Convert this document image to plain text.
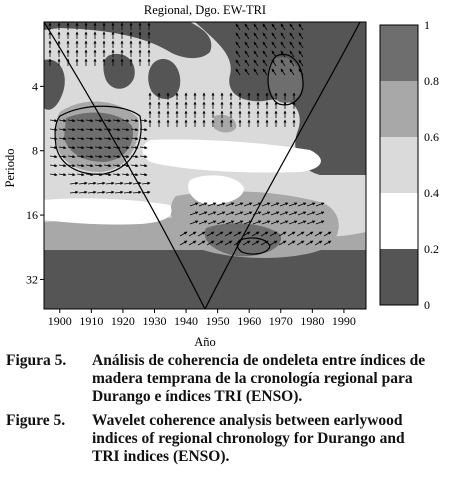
Regional, Dgo. EW-TRI
1900 1910 1920 1930 1940 1950 1960 1970 1980 1990
4
8
16
32
Año
Periodo
1
0.8
0.6
0.4
0.2
0
Figura 5. Análisis de coherencia de ondeleta entre índices de
madera temprana de la cronología regional para
Durango e índices TRI (ENSO).
Figure 5. Wavelet coherence analysis between earlywood
indices of regional chronology for Durango and
TRI indices (ENSO).
